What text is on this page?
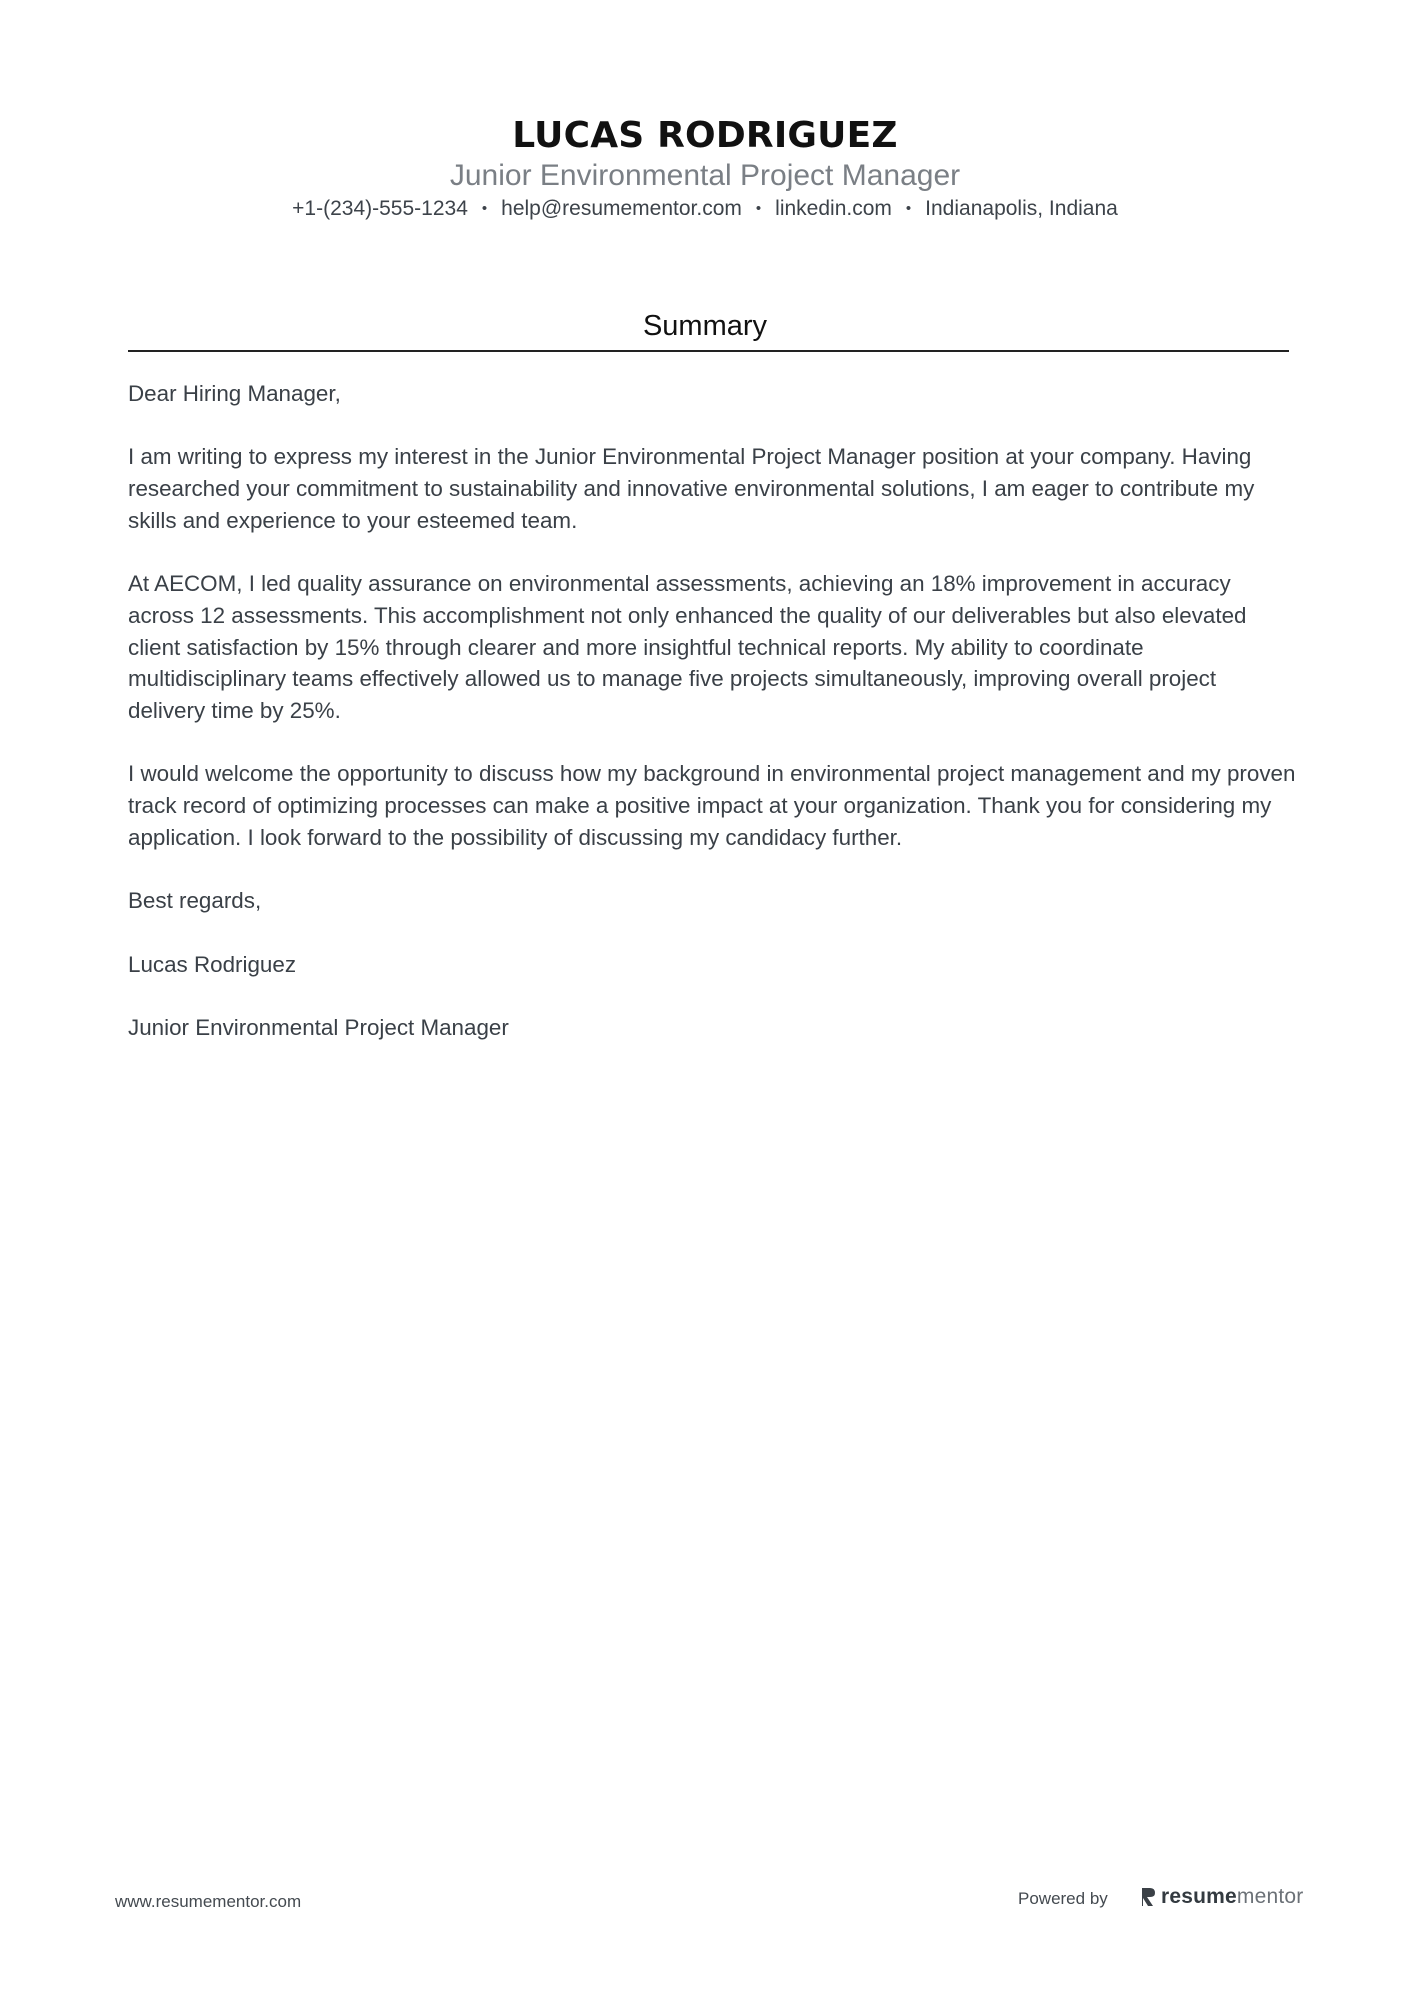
LUCAS RODRIGUEZ
Junior Environmental Project Manager
+1-(234)-555-1234 • help@resumementor.com • linkedin.com • Indianapolis, Indiana
Summary

Dear Hiring Manager,

I am writing to express my interest in the Junior Environmental Project Manager position at your company. Having researched your commitment to sustainability and innovative environmental solutions, I am eager to contribute my skills and experience to your esteemed team.

At AECOM, I led quality assurance on environmental assessments, achieving an 18% improvement in accuracy across 12 assessments. This accomplishment not only enhanced the quality of our deliverables but also elevated client satisfaction by 15% through clearer and more insightful technical reports. My ability to coordinate multidisciplinary teams effectively allowed us to manage five projects simultaneously, improving overall project delivery time by 25%.

I would welcome the opportunity to discuss how my background in environmental project management and my proven track record of optimizing processes can make a positive impact at your organization. Thank you for considering my application. I look forward to the possibility of discussing my candidacy further.

Best regards,

Lucas Rodriguez

Junior Environmental Project Manager

www.resumementor.com	Powered by	resumementor
